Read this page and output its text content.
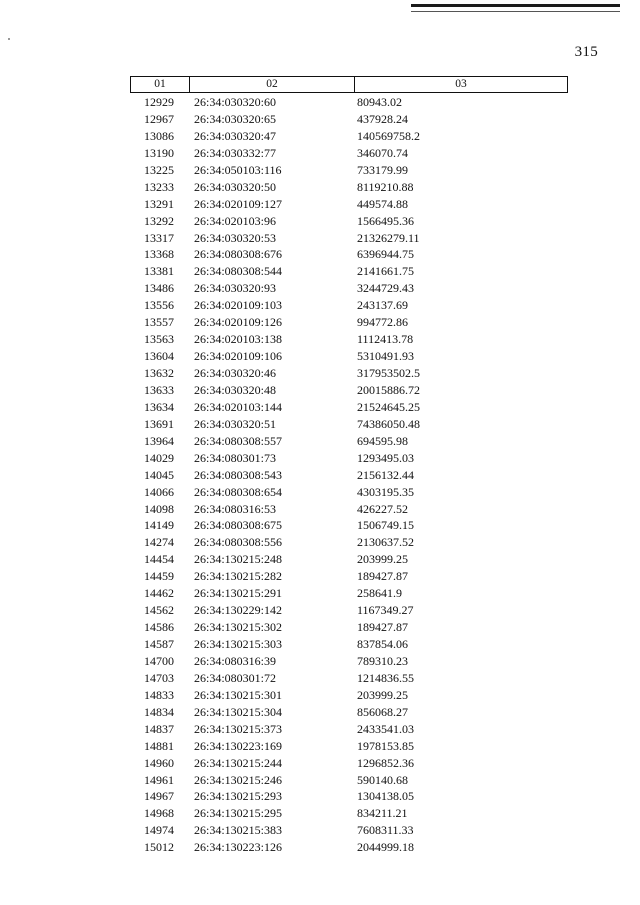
315
01	02	03
12929	26:34:030320:60	80943.02
12967	26:34:030320:65	437928.24
13086	26:34:030320:47	140569758.2
13190	26:34:030332:77	346070.74
13225	26:34:050103:116	733179.99
13233	26:34:030320:50	8119210.88
13291	26:34:020109:127	449574.88
13292	26:34:020103:96	1566495.36
13317	26:34:030320:53	21326279.11
13368	26:34:080308:676	6396944.75
13381	26:34:080308:544	2141661.75
13486	26:34:030320:93	3244729.43
13556	26:34:020109:103	243137.69
13557	26:34:020109:126	994772.86
13563	26:34:020103:138	1112413.78
13604	26:34:020109:106	5310491.93
13632	26:34:030320:46	317953502.5
13633	26:34:030320:48	20015886.72
13634	26:34:020103:144	21524645.25
13691	26:34:030320:51	74386050.48
13964	26:34:080308:557	694595.98
14029	26:34:080301:73	1293495.03
14045	26:34:080308:543	2156132.44
14066	26:34:080308:654	4303195.35
14098	26:34:080316:53	426227.52
14149	26:34:080308:675	1506749.15
14274	26:34:080308:556	2130637.52
14454	26:34:130215:248	203999.25
14459	26:34:130215:282	189427.87
14462	26:34:130215:291	258641.9
14562	26:34:130229:142	1167349.27
14586	26:34:130215:302	189427.87
14587	26:34:130215:303	837854.06
14700	26:34:080316:39	789310.23
14703	26:34:080301:72	1214836.55
14833	26:34:130215:301	203999.25
14834	26:34:130215:304	856068.27
14837	26:34:130215:373	2433541.03
14881	26:34:130223:169	1978153.85
14960	26:34:130215:244	1296852.36
14961	26:34:130215:246	590140.68
14967	26:34:130215:293	1304138.05
14968	26:34:130215:295	834211.21
14974	26:34:130215:383	7608311.33
15012	26:34:130223:126	2044999.18
